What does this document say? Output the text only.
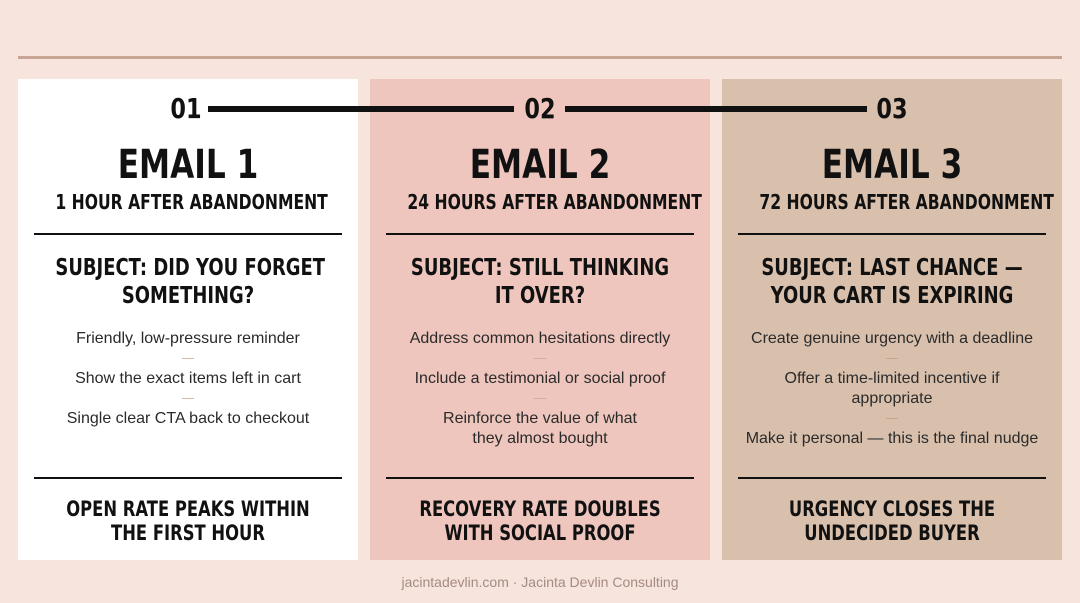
EMAIL 1
1 HOUR AFTER ABANDONMENT
SUBJECT: DID YOU FORGET
SOMETHING?

Friendly, low-pressure reminder

Show the exact items left in cart

Single clear CTA back to checkout

OPEN RATE PEAKS WITHIN
THE FIRST HOUR
EMAIL 2
24 HOURS AFTER ABANDONMENT
SUBJECT: STILL THINKING
IT OVER?

Address common hesitations directly

Include a testimonial or social proof

Reinforce the value of what they almost bought

RECOVERY RATE DOUBLES
WITH SOCIAL PROOF
EMAIL 3
72 HOURS AFTER ABANDONMENT
SUBJECT: LAST CHANCE —
YOUR CART IS EXPIRING

Create genuine urgency with a deadline

Offer a time-limited incentive if appropriate

Make it personal — this is the final nudge

URGENCY CLOSES THE
UNDECIDED BUYER
01	02	03
jacintadevlin.com · Jacinta Devlin Consulting
